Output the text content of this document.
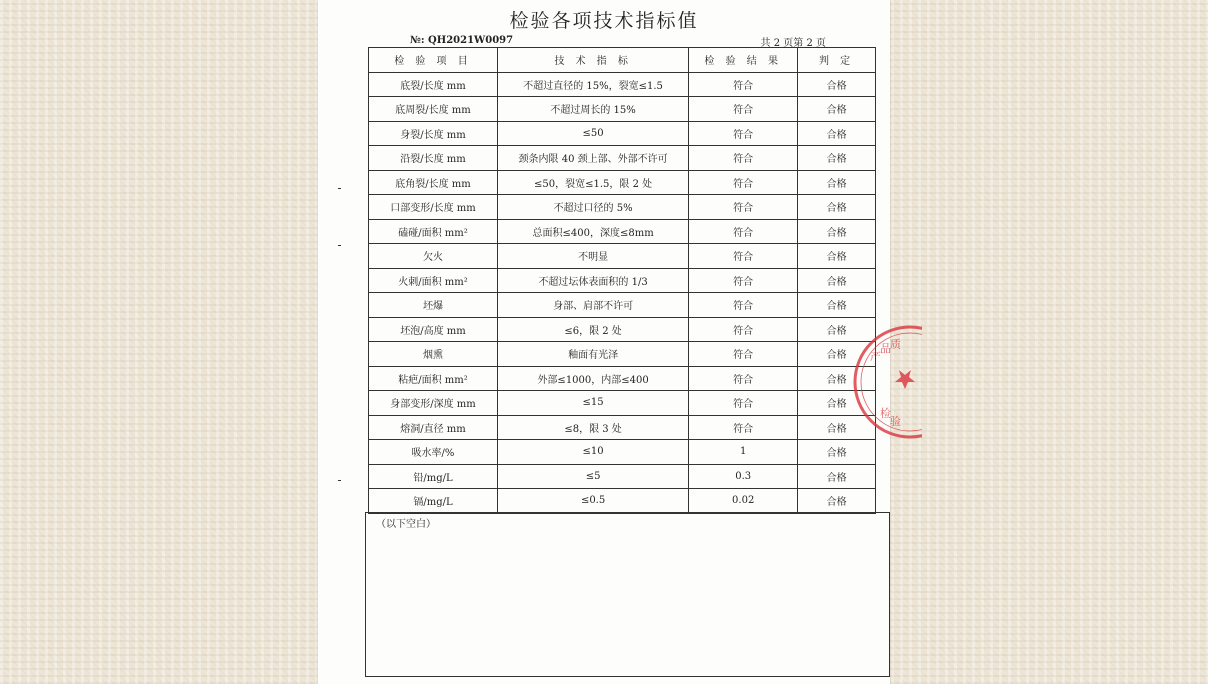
检验各项技术指标值
№: QH2021W0097	共 2 页第 2 页
检 验 项 目	技 术 指 标	检 验 结 果	判 定
底裂/长度 mm	不超过直径的 15%，裂宽≤1.5	符合	合格
底周裂/长度 mm	不超过周长的 15%	符合	合格
身裂/长度 mm	≤50	符合	合格
沿裂/长度 mm	颈条内限 40 颈上部、外部不许可	符合	合格
底角裂/长度 mm	≤50，裂宽≤1.5，限 2 处	符合	合格
口部变形/长度 mm	不超过口径的 5%	符合	合格
磕碰/面积 mm²	总面积≤400，深度≤8mm	符合	合格
欠火	不明显	符合	合格
火刺/面积 mm²	不超过坛体表面积的 1/3	符合	合格
坯爆	身部、肩部不许可	符合	合格
坯泡/高度 mm	≤6，限 2 处	符合	合格
烟熏	釉面有光泽	符合	合格
粘疤/面积 mm²	外部≤1000，内部≤400	符合	合格
身部变形/深度 mm	≤15	符合	合格
熔洞/直径 mm	≤8，限 3 处	符合	合格
吸水率/%	≤10	1	合格
铅/mg/L	≤5	0.3	合格
镉/mg/L	≤0.5	0.02	合格
（以下空白）
产
品 质
检
验
